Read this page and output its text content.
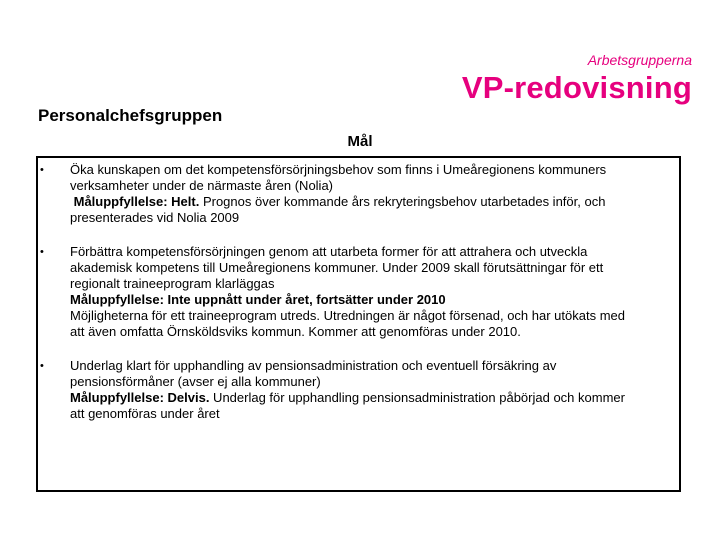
Arbetsgrupperna
VP-redovisning
Personalchefsgruppen
Mål
• Öka kunskapen om det kompetensförsörjningsbehov som finns i Umeåregionens kommuners
verksamheter under de närmaste åren (Nolia)
Måluppfyllelse: Helt. Prognos över kommande års rekryteringsbehov utarbetades inför, och
presenterades vid Nolia 2009
• Förbättra kompetensförsörjningen genom att utarbeta former för att attrahera och utveckla
akademisk kompetens till Umeåregionens kommuner. Under 2009 skall förutsättningar för ett
regionalt traineeprogram klarläggas
Måluppfyllelse: Inte uppnått under året, fortsätter under 2010
Möjligheterna för ett traineeprogram utreds. Utredningen är något försenad, och har utökats med
att även omfatta Örnsköldsviks kommun. Kommer att genomföras under 2010.
• Underlag klart för upphandling av pensionsadministration och eventuell försäkring av
pensionsförmåner (avser ej alla kommuner)
Måluppfyllelse: Delvis. Underlag för upphandling pensionsadministration påbörjad och kommer
att genomföras under året
